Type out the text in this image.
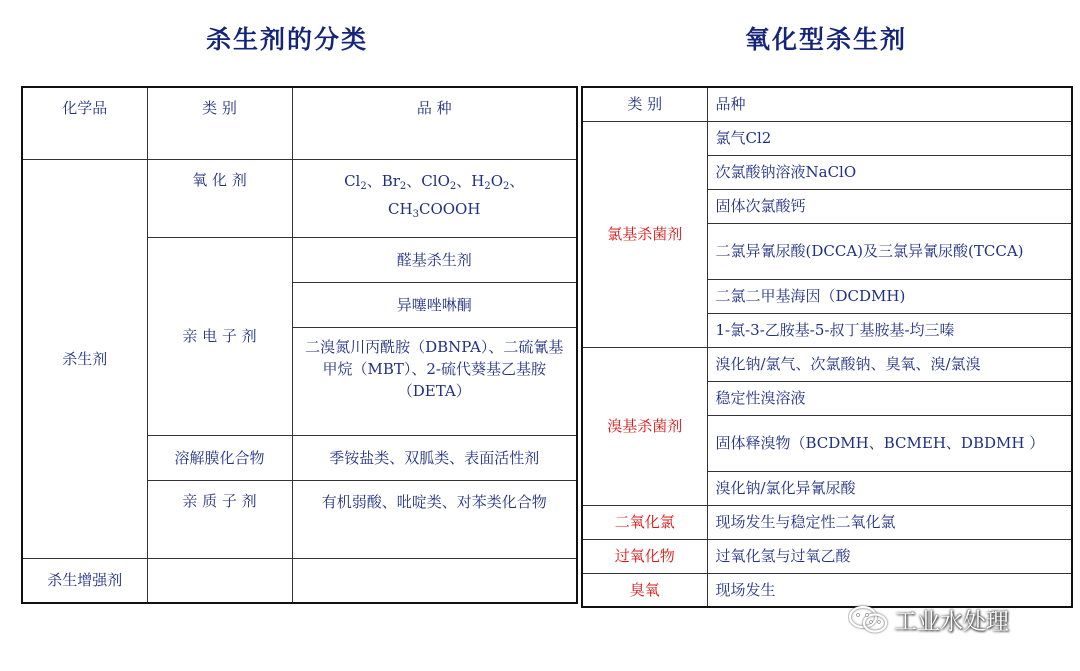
杀生剂的分类	氧化型杀生剂
化学品	类 别	品 种
杀生剂	氧 化 剂	$Cl_2$、$Br_2$、ClO$_2$、$H_2O_2$、
$CH_3COOOH$
	亲 电 子 剂	醛基杀生剂
		异噻唑啉酮
		二溴氮川丙酰胺（DBNPA）、二硫氰基甲烷（MBT）、2-硫代葵基乙基胺（DETA）
	溶解膜化合物	季铵盐类、双胍类、表面活性剂
	亲 质 子 剂	有机弱酸、吡啶类、对苯类化合物
杀生增强剂		
类 别	品种
氯基杀菌剂	氯气Cl2
	次氯酸钠溶液NaClO
	固体次氯酸钙
	二氯异氰尿酸(DCCA)及三氯异氰尿酸(TCCA)
	二氯二甲基海因（DCDMH)
	1-氯-3-乙胺基-5-叔丁基胺基-均三嗪
溴基杀菌剂	溴化钠/氯气、次氯酸钠、臭氧、溴/氯溴
	稳定性溴溶液
	固体释溴物（BCDMH、BCMEH、DBDMH ）
	溴化钠/氯化异氰尿酸
二氧化氯	现场发生与稳定性二氧化氯
过氧化物	过氧化氢与过氧乙酸
臭氧	现场发生
工业水处理
